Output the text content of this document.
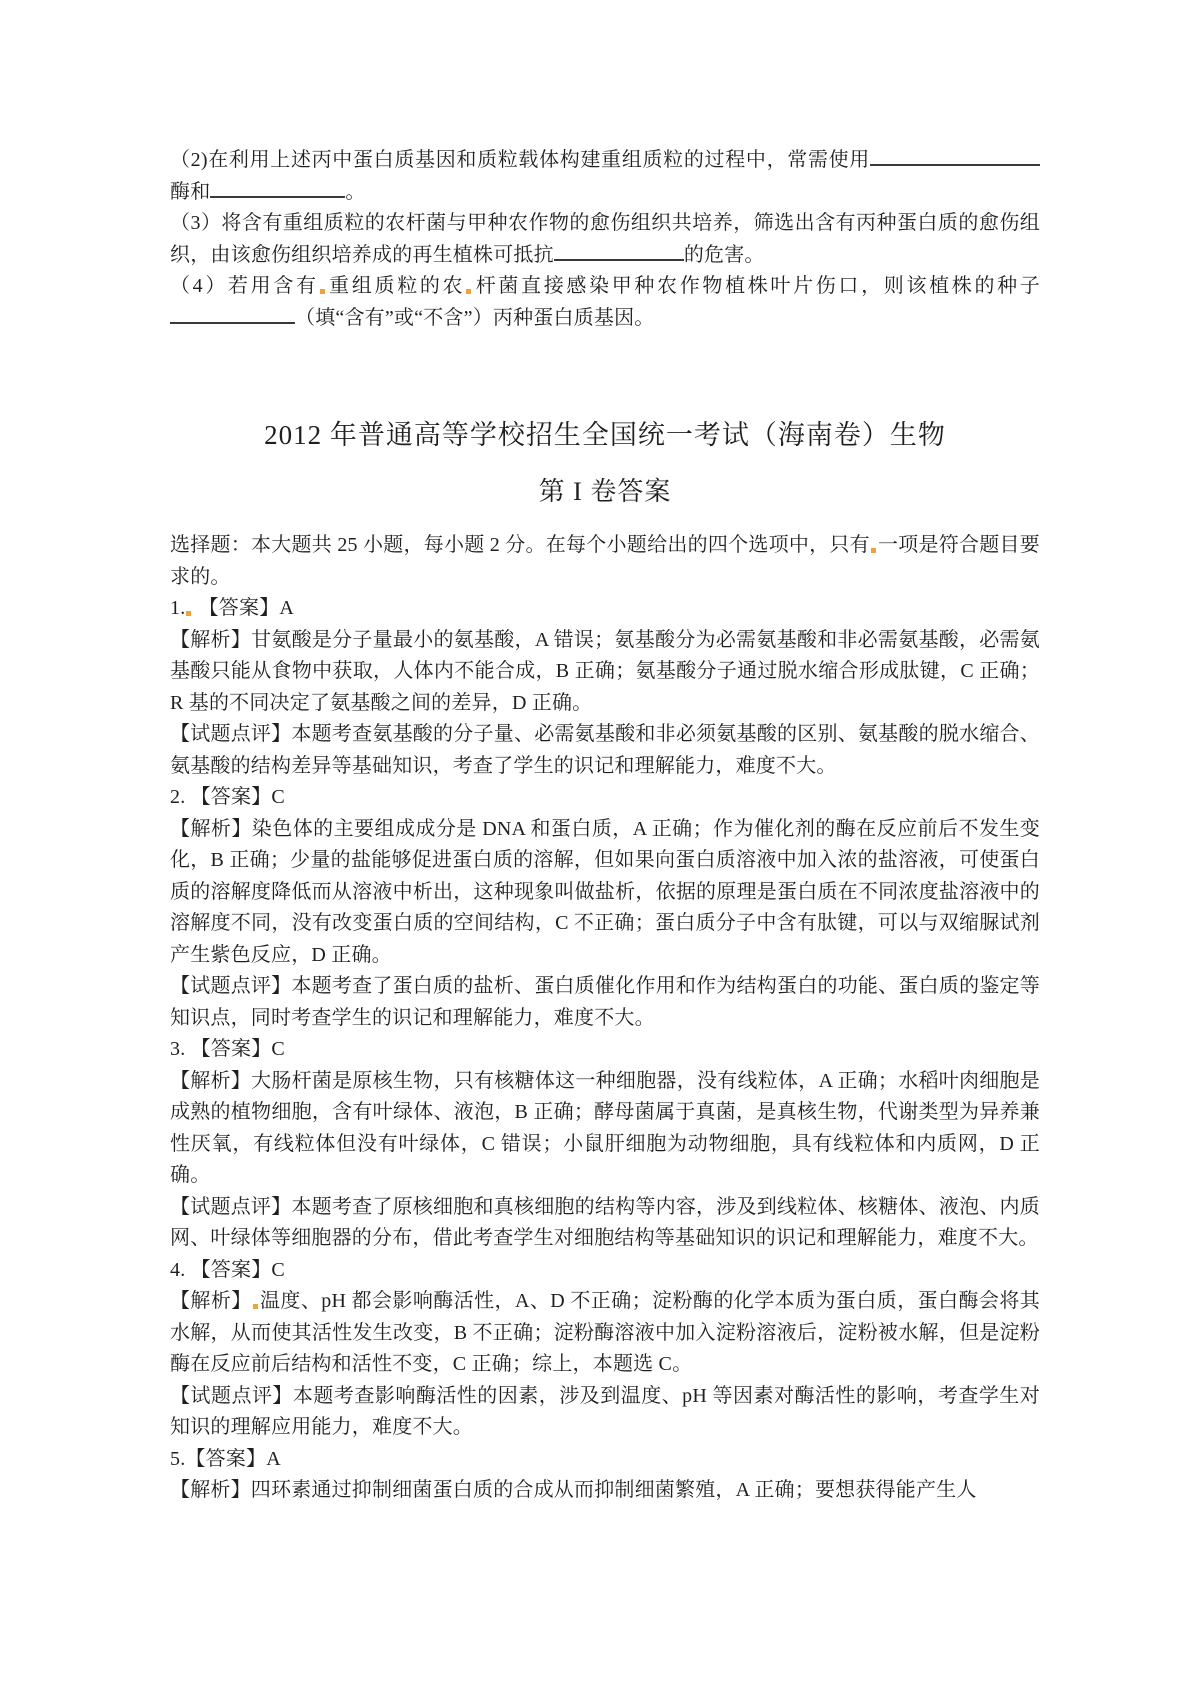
（2)在利用上述丙中蛋白质基因和质粒载体构建重组质粒的过程中，常需使用酶和	。

（3）将含有重组质粒的农杆菌与甲种农作物的愈伤组织共培养，筛选出含有丙种蛋白质的愈伤组织，由该愈伤组织培养成的再生植株可抵抗	的危害。

（4）若用含有 重组质粒的农 杆菌直接感染甲种农作物植株叶片伤口，则该植株的种子（填“含有”或“不含”）丙种蛋白质基因。

2012 年普通高等学校招生全国统一考试（海南卷）生物

第 I 卷答案

选择题：本大题共 25 小题，每小题 2 分。在每个小题给出的四个选项中，只有 一项是符合题目要求的。

1. 【答案】A

【解析】甘氨酸是分子量最小的氨基酸，A 错误；氨基酸分为必需氨基酸和非必需氨基酸，必需氨基酸只能从食物中获取，人体内不能合成，B 正确；氨基酸分子通过脱水缩合形成肽键，C 正确； R 基的不同决定了氨基酸之间的差异，D 正确。

【试题点评】本题考查氨基酸的分子量、必需氨基酸和非必须氨基酸的区别、氨基酸的脱水缩合、氨基酸的结构差异等基础知识，考查了学生的识记和理解能力，难度不大。

2. 【答案】C

【解析】染色体的主要组成成分是 DNA 和蛋白质，A 正确；作为催化剂的酶在反应前后不发生变化，B 正确；少量的盐能够促进蛋白质的溶解，但如果向蛋白质溶液中加入浓的盐溶液，可使蛋白质的溶解度降低而从溶液中析出，这种现象叫做盐析，依据的原理是蛋白质在不同浓度盐溶液中的溶解度不同，没有改变蛋白质的空间结构，C 不正确；蛋白质分子中含有肽键，可以与双缩脲试剂产生紫色反应，D 正确。

【试题点评】本题考查了蛋白质的盐析、蛋白质催化作用和作为结构蛋白的功能、蛋白质的鉴定等知识点，同时考查学生的识记和理解能力，难度不大。

3. 【答案】C

【解析】大肠杆菌是原核生物，只有核糖体这一种细胞器，没有线粒体，A 正确；水稻叶肉细胞是成熟的植物细胞，含有叶绿体、液泡，B 正确；酵母菌属于真菌，是真核生物，代谢类型为异养兼性厌氧，有线粒体但没有叶绿体，C 错误；小鼠肝细胞为动物细胞，具有线粒体和内质网，D 正确。

【试题点评】本题考查了原核细胞和真核细胞的结构等内容，涉及到线粒体、核糖体、液泡、内质网、叶绿体等细胞器的分布，借此考查学生对细胞结构等基础知识的识记和理解能力，难度不大。

4. 【答案】C

【解析】 温度、pH 都会影响酶活性，A、D 不正确；淀粉酶的化学本质为蛋白质，蛋白酶会将其水解，从而使其活性发生改变，B 不正确；淀粉酶溶液中加入淀粉溶液后，淀粉被水解，但是淀粉酶在反应前后结构和活性不变，C 正确；综上，本题选 C。

【试题点评】本题考查影响酶活性的因素，涉及到温度、pH 等因素对酶活性的影响，考查学生对知识的理解应用能力，难度不大。

5.【答案】A

【解析】四环素通过抑制细菌蛋白质的合成从而抑制细菌繁殖，A 正确；要想获得能产生人
